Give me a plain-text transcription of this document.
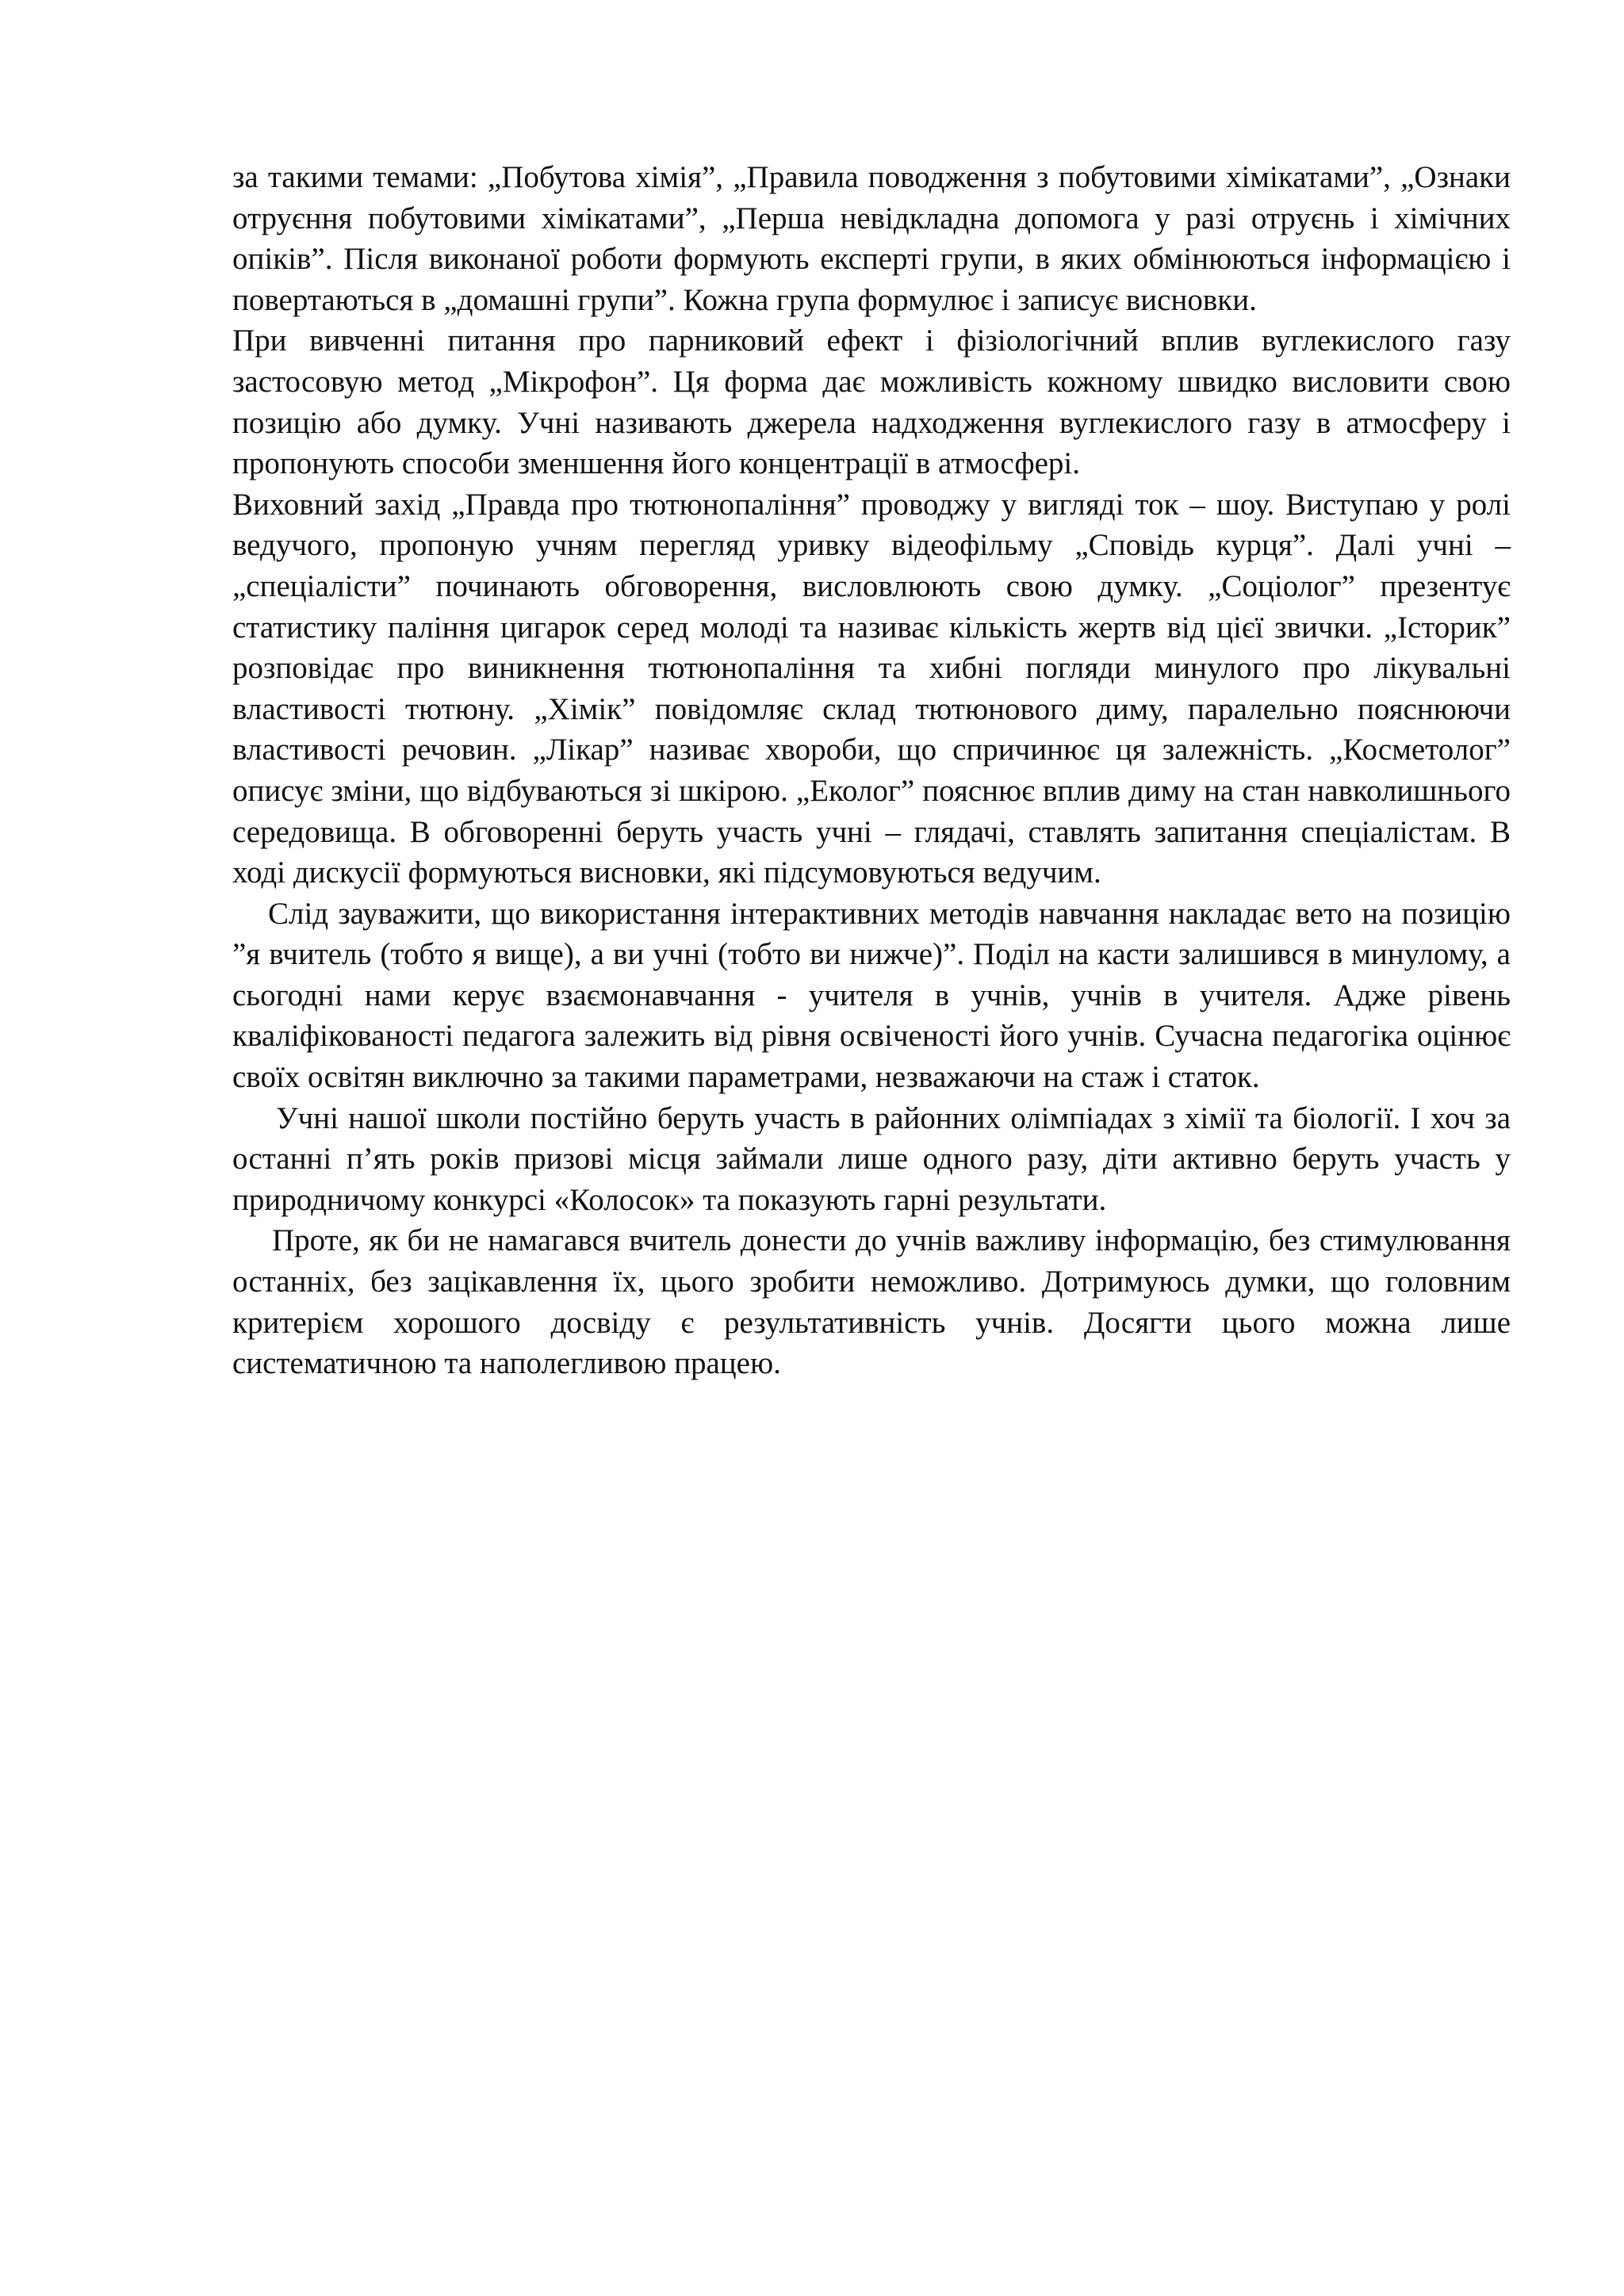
за такими темами: „Побутова хімія”, „Правила поводження з побутовими хімікатами”, „Ознаки отруєння побутовими хімікатами”, „Перша невідкладна допомога у разі отруєнь і хімічних опіків”. Після виконаної роботи формують експерті групи, в яких обмінюються інформацією і повертаються в „домашні групи”. Кожна група формулює і записує висновки.

При вивченні питання про парниковий ефект і фізіологічний вплив вуглекислого газу застосовую метод „Мікрофон”. Ця форма дає можливість кожному швидко висловити свою позицію або думку. Учні називають джерела надходження вуглекислого газу в атмосферу і пропонують способи зменшення його концентрації в атмосфері.

Виховний захід „Правда про тютюнопаління” проводжу у вигляді ток – шоу. Виступаю у ролі ведучого, пропоную учням перегляд уривку відеофільму „Сповідь курця”. Далі учні – „спеціалісти” починають обговорення, висловлюють свою думку. „Соціолог” презентує статистику паління цигарок серед молоді та називає кількість жертв від цієї звички. „Історик” розповідає про виникнення тютюнопаління та хибні погляди минулого про лікувальні властивості тютюну. „Хімік” повідомляє склад тютюнового диму, паралельно пояснюючи властивості речовин. „Лікар” називає хвороби, що спричинює ця залежність. „Косметолог” описує зміни, що відбуваються зі шкірою. „Еколог” пояснює вплив диму на стан навколишнього середовища. В обговоренні беруть участь учні – глядачі, ставлять запитання спеціалістам. В ході дискусії формуються висновки, які підсумовуються ведучим.

Слід зауважити, що використання інтерактивних методів навчання накладає вето на позицію ”я вчитель (тобто я вище), а ви учні (тобто ви нижче)”. Поділ на касти залишився в минулому, а сьогодні нами керує взаємонавчання - учителя в учнів, учнів в учителя. Адже рівень кваліфікованості педагога залежить від рівня освіченості його учнів. Сучасна педагогіка оцінює своїх освітян виключно за такими параметрами, незважаючи на стаж і статок.

Учні нашої школи постійно беруть участь в районних олімпіадах з хімії та біології. І хоч за останні п’ять років призові місця займали лише одного разу, діти активно беруть участь у природничому конкурсі «Колосок» та показують гарні результати.

Проте, як би не намагався вчитель донести до учнів важливу інформацію, без стимулювання останніх, без зацікавлення їх, цього зробити неможливо. Дотримуюсь думки, що головним критерієм хорошого досвіду є результативність учнів. Досягти цього можна лише систематичною та наполегливою працею.
